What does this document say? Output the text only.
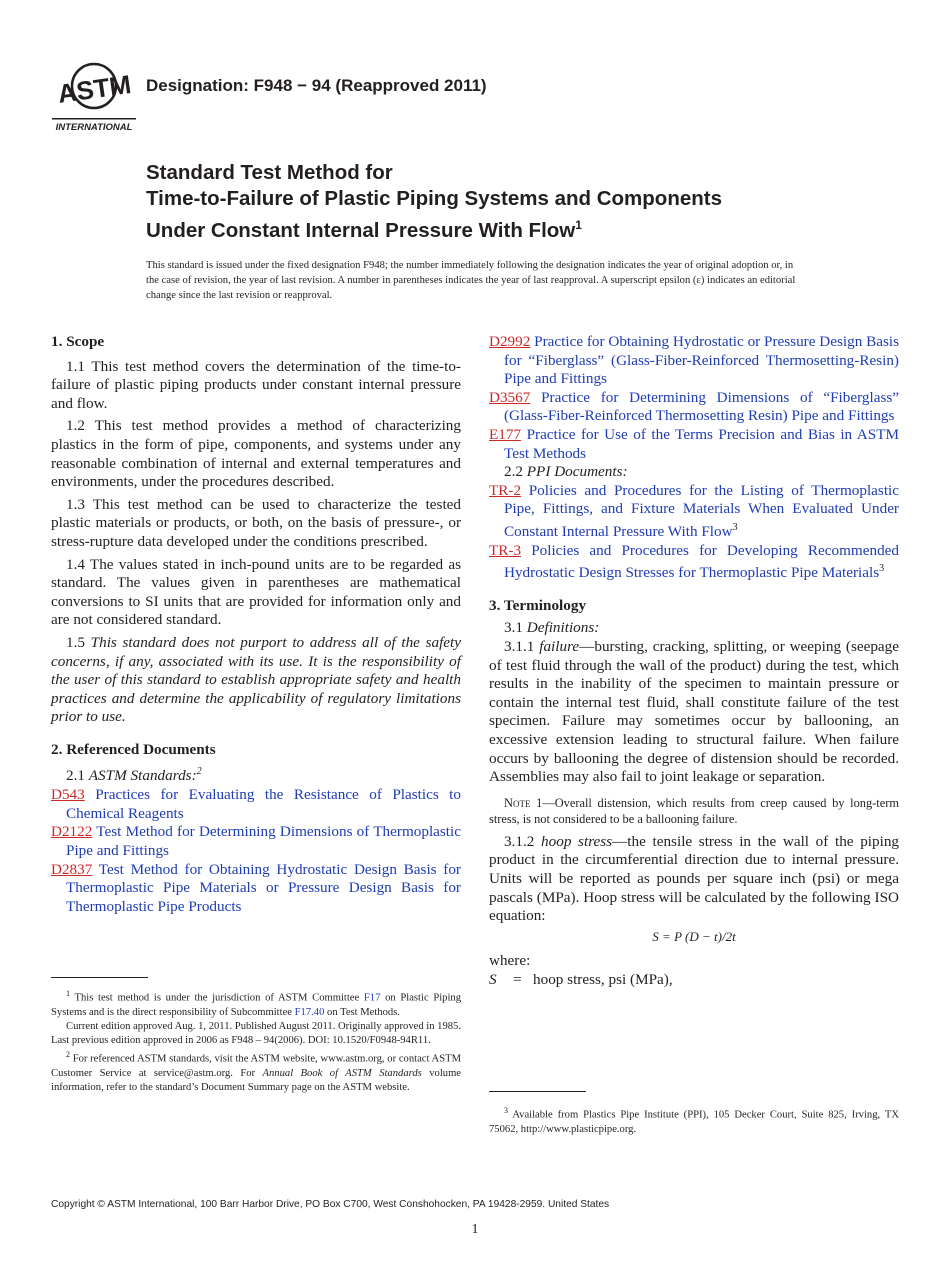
ASTM
INTERNATIONAL
Designation: F948 − 94 (Reapproved 2011)
Standard Test Method for
Time-to-Failure of Plastic Piping Systems and Components
Under Constant Internal Pressure With Flow$^1$
This standard is issued under the fixed designation F948; the number immediately following the designation indicates the year of original adoption or, in the case of revision, the year of last revision. A number in parentheses indicates the year of last reapproval. A superscript epsilon (ε) indicates an editorial change since the last revision or reapproval.

1. Scope

1.1 This test method covers the determination of the time-to-failure of plastic piping products under constant internal pressure and flow.

1.2 This test method provides a method of characterizing plastics in the form of pipe, components, and systems under any reasonable combination of internal and external temperatures and environments, under the procedures described.

1.3 This test method can be used to characterize the tested plastic materials or products, or both, on the basis of pressure-, or stress-rupture data developed under the conditions prescribed.

1.4 The values stated in inch-pound units are to be regarded as standard. The values given in parentheses are mathematical conversions to SI units that are provided for information only and are not considered standard.

1.5 This standard does not purport to address all of the safety concerns, if any, associated with its use. It is the responsibility of the user of this standard to establish appropriate safety and health practices and determine the applicability of regulatory limitations prior to use.

2. Referenced Documents

2.1 ASTM Standards:$^2$

D543 Practices for Evaluating the Resistance of Plastics to Chemical Reagents

D2122 Test Method for Determining Dimensions of Thermoplastic Pipe and Fittings

D2837 Test Method for Obtaining Hydrostatic Design Basis for Thermoplastic Pipe Materials or Pressure Design Basis for Thermoplastic Pipe Products

D2992 Practice for Obtaining Hydrostatic or Pressure Design Basis for “Fiberglass” (Glass-Fiber-Reinforced Thermosetting-Resin) Pipe and Fittings

D3567 Practice for Determining Dimensions of “Fiberglass” (Glass-Fiber-Reinforced Thermosetting Resin) Pipe and Fittings

E177 Practice for Use of the Terms Precision and Bias in ASTM Test Methods

2.2 PPI Documents:

TR-2 Policies and Procedures for the Listing of Thermoplastic Pipe, Fittings, and Fixture Materials When Evaluated Under Constant Internal Pressure With Flow$^3$

TR-3 Policies and Procedures for Developing Recommended Hydrostatic Design Stresses for Thermoplastic Pipe Materials$^3$

3. Terminology

3.1 Definitions:

3.1.1 failure—bursting, cracking, splitting, or weeping (seepage of test fluid through the wall of the product) during the test, which results in the inability of the specimen to maintain pressure or contain the internal test fluid, shall constitute failure of the test specimen. Failure may sometimes occur by ballooning, an excessive extension leading to structural failure. When failure occurs by ballooning the degree of distension should be recorded. Assemblies may also fail to joint leakage or separation.

Note 1—Overall distension, which results from creep caused by long-term stress, is not considered to be a ballooning failure.

3.1.2 hoop stress—the tensile stress in the wall of the piping product in the circumferential direction due to internal pressure. Units will be reported as pounds per square inch (psi) or mega pascals (MPa). Hoop stress will be calculated by the following ISO equation:

S = P (D − t)/2t

where:

S = hoop stress, psi (MPa),

$^1$ This test method is under the jurisdiction of ASTM Committee F17 on Plastic Piping Systems and is the direct responsibility of Subcommittee F17.40 on Test Methods.

Current edition approved Aug. 1, 2011. Published August 2011. Originally approved in 1985. Last previous edition approved in 2006 as F948 – 94(2006). DOI: 10.1520/F0948-94R11.

$^2$ For referenced ASTM standards, visit the ASTM website, www.astm.org, or contact ASTM Customer Service at service@astm.org. For Annual Book of ASTM Standards volume information, refer to the standard’s Document Summary page on the ASTM website.

$^3$ Available from Plastics Pipe Institute (PPI), 105 Decker Court, Suite 825, Irving, TX 75062, http://www.plasticpipe.org.

Copyright © ASTM International, 100 Barr Harbor Drive, PO Box C700, West Conshohocken, PA 19428-2959. United States
1
